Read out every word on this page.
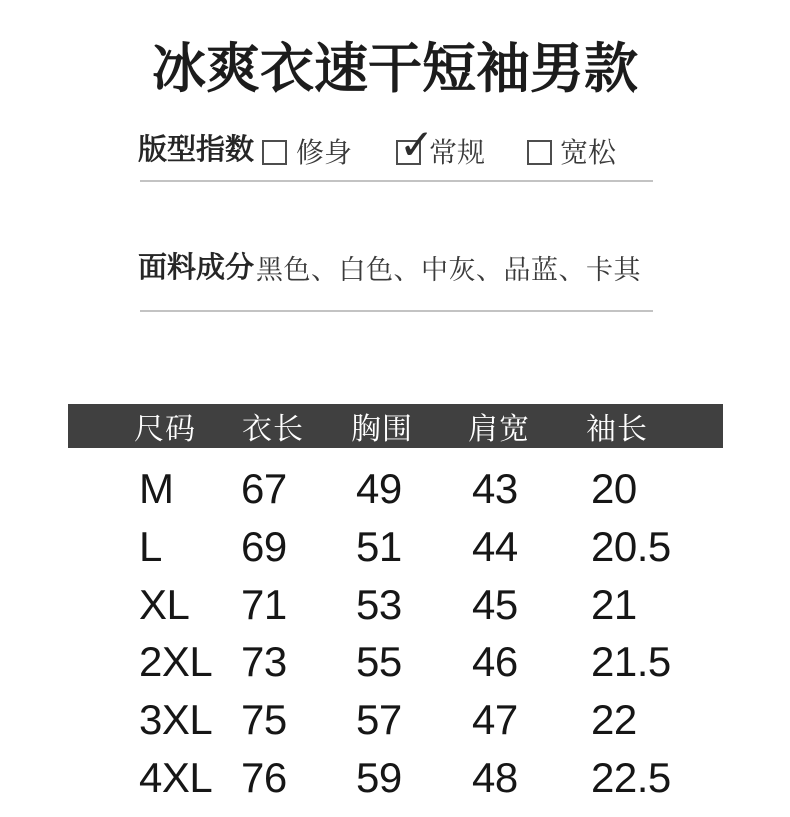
冰爽衣速干短袖男款
版型指数 修身 ✓
常规	宽松
面料成分 黑色、白色、中灰、品蓝、卡其
尺码 衣长 胸围 肩宽 袖长
M 67 49 43 20
L 69 51 44 20.5
XL 71 53 45 21
2XL 73 55 46 21.5
3XL 75 57 47 22
4XL 76 59 48 22.5
